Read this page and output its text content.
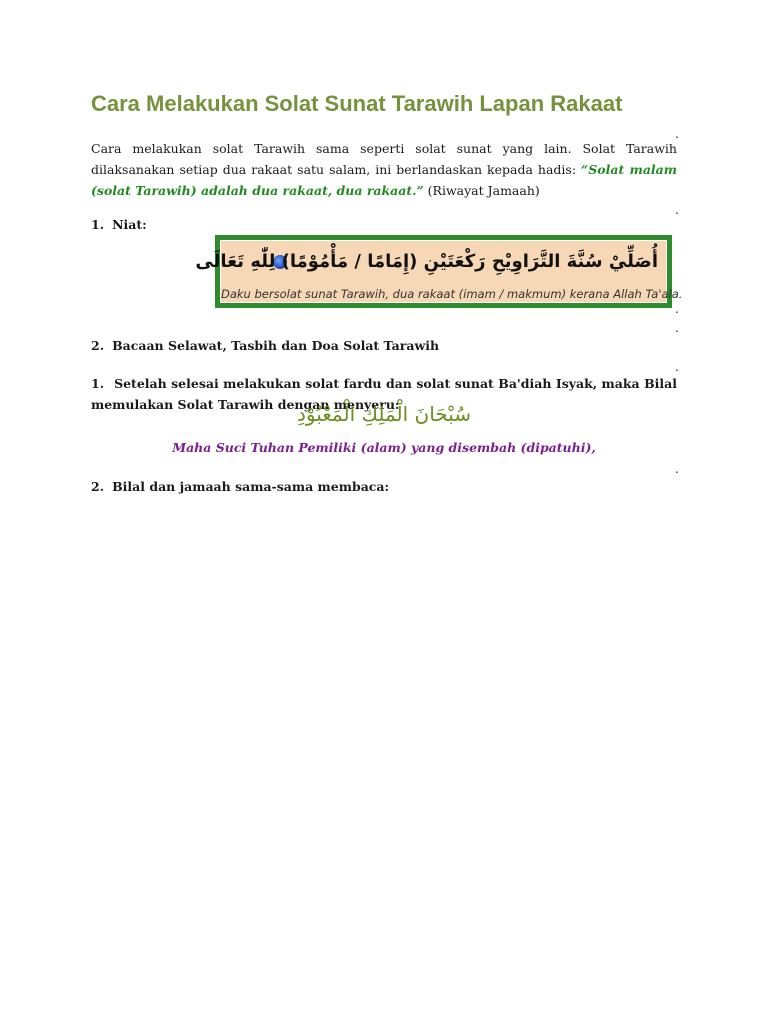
Cara Melakukan Solat Sunat Tarawih Lapan Rakaat
.

Cara melakukan solat Tarawih sama seperti solat sunat yang lain. Solat Tarawih dilaksanakan setiap dua rakaat satu salam, ini berlandaskan kepada hadis: “Solat malam (solat Tarawih) adalah dua rakaat, dua rakaat.” (Riwayat Jamaah)

.

1. Niat:

أُصَلِّيْ سُنَّةَ التَّرَاوِيْحِ رَكْعَتَيْنِ (إِمَامًا / مَأْمُوْمًا) لِلّٰهِ تَعَالَى
Daku bersolat sunat Tarawih, dua rakaat (imam / makmum) kerana Allah Ta'ala.
.
.

2. Bacaan Selawat, Tasbih dan Doa Solat Tarawih

.

1. Setelah selesai melakukan solat fardu dan solat sunat Ba'diah Isyak, maka Bilal memulakan Solat Tarawih dengan menyeru:

سُبْحَانَ الْمَلِكِ الْمَعْبُوْدِ
Maha Suci Tuhan Pemiliki (alam) yang disembah (dipatuhi),
.

2. Bilal dan jamaah sama-sama membaca:
